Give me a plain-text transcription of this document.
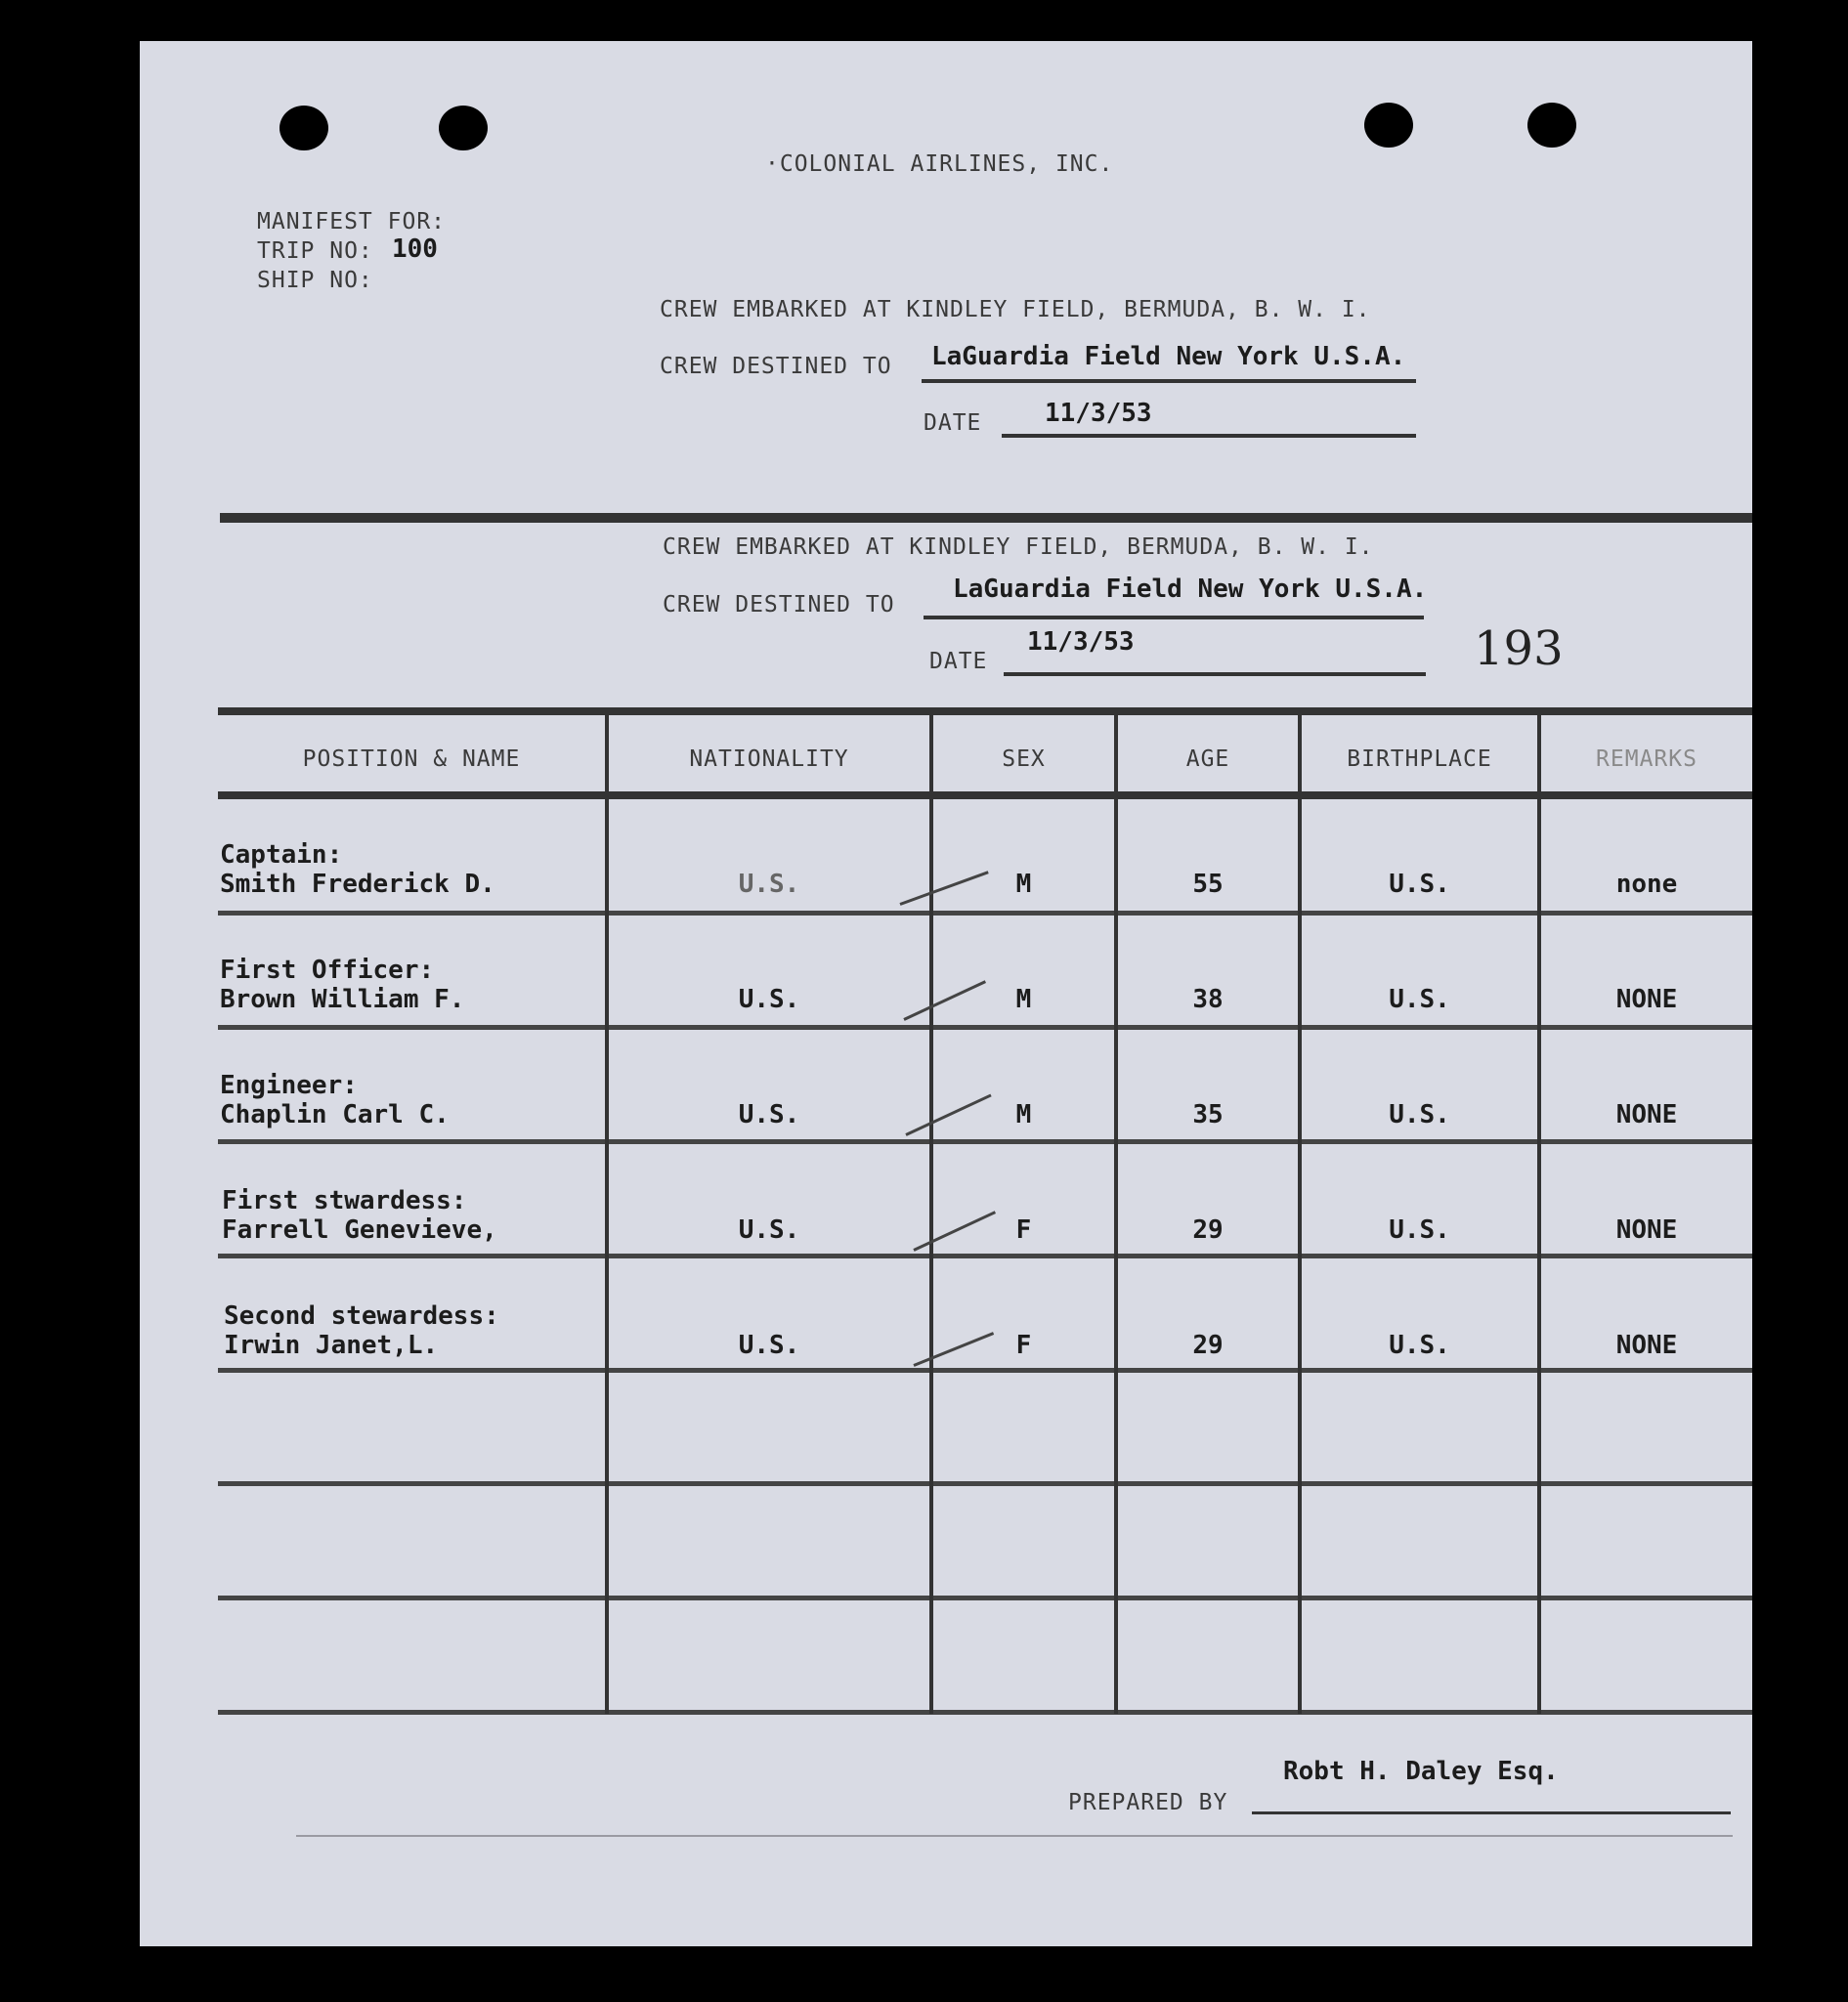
·COLONIAL AIRLINES, INC.
MANIFEST FOR:
TRIP NO: 100
SHIP NO:
CREW EMBARKED AT KINDLEY FIELD, BERMUDA, B. W. I.
CREW DESTINED TO LaGuardia Field New York U.S.A.
DATE 11/3/53
CREW EMBARKED AT KINDLEY FIELD, BERMUDA, B. W. I.
CREW DESTINED TO
LaGuardia Field New York U.S.A.
DATE
11/3/53	193
POSITION & NAME	NATIONALITY	SEX	AGE	BIRTHPLACE	REMARKS
Captain:
Smith Frederick D.	U.S.	M	55	U.S.	none
First Officer:
Brown William F.	U.S.	M	38	U.S.	NONE
Engineer:
Chaplin Carl C.	U.S.	M	35	U.S.	NONE
First stwardess:
Farrell Genevieve,	U.S.	F	29	U.S.	NONE
Second stewardess:
Irwin Janet,L.	U.S.	F	29	U.S.	NONE
PREPARED BY
Robt H. Daley Esq.
